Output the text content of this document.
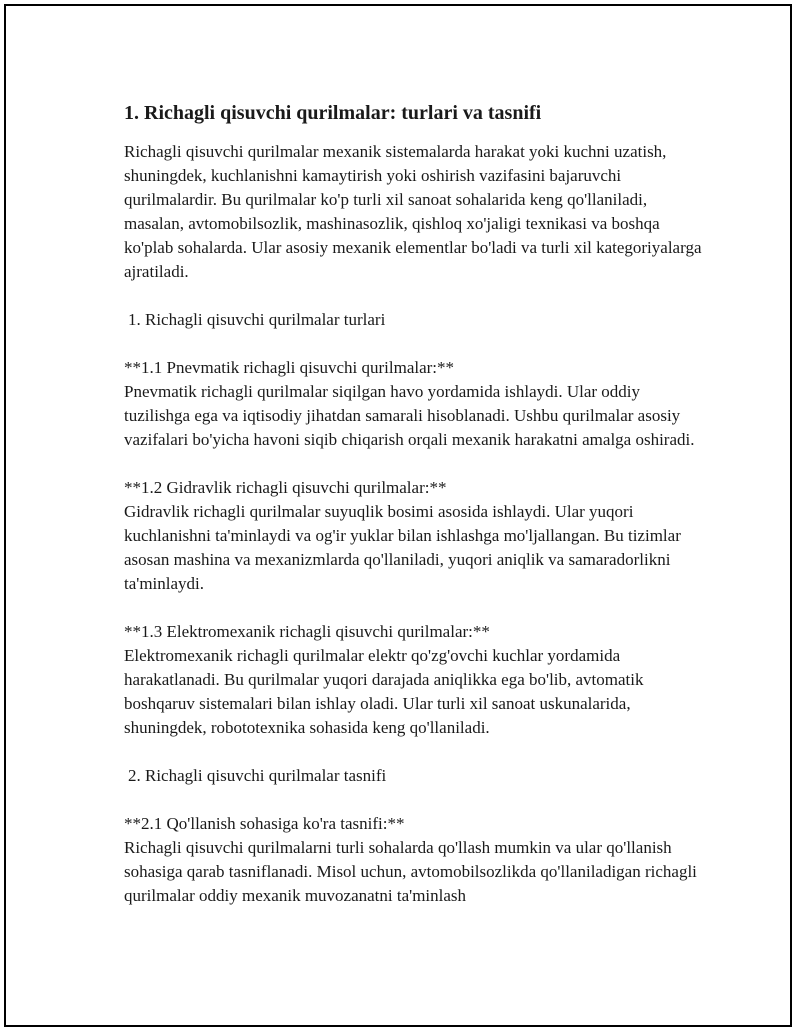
1. Richagli qisuvchi qurilmalar: turlari va tasnifi

Richagli qisuvchi qurilmalar mexanik sistemalarda harakat yoki kuchni uzatish, shuningdek, kuchlanishni kamaytirish yoki oshirish vazifasini bajaruvchi qurilmalardir. Bu qurilmalar ko'p turli xil sanoat sohalarida keng qo'llaniladi, masalan, avtomobilsozlik, mashinasozlik, qishloq xo'jaligi texnikasi va boshqa ko'plab sohalarda. Ular asosiy mexanik elementlar bo'ladi va turli xil kategoriyalarga ajratiladi.

1. Richagli qisuvchi qurilmalar turlari

**1.1 Pnevmatik richagli qisuvchi qurilmalar:**

Pnevmatik richagli qurilmalar siqilgan havo yordamida ishlaydi. Ular oddiy tuzilishga ega va iqtisodiy jihatdan samarali hisoblanadi. Ushbu qurilmalar asosiy vazifalari bo'yicha havoni siqib chiqarish orqali mexanik harakatni amalga oshiradi.

**1.2 Gidravlik richagli qisuvchi qurilmalar:**

Gidravlik richagli qurilmalar suyuqlik bosimi asosida ishlaydi. Ular yuqori kuchlanishni ta'minlaydi va og'ir yuklar bilan ishlashga mo'ljallangan. Bu tizimlar asosan mashina va mexanizmlarda qo'llaniladi, yuqori aniqlik va samaradorlikni ta'minlaydi.

**1.3 Elektromexanik richagli qisuvchi qurilmalar:**

Elektromexanik richagli qurilmalar elektr qo'zg'ovchi kuchlar yordamida harakatlanadi. Bu qurilmalar yuqori darajada aniqlikka ega bo'lib, avtomatik boshqaruv sistemalari bilan ishlay oladi. Ular turli xil sanoat uskunalarida, shuningdek, robototexnika sohasida keng qo'llaniladi.

2. Richagli qisuvchi qurilmalar tasnifi

**2.1 Qo'llanish sohasiga ko'ra tasnifi:**

Richagli qisuvchi qurilmalarni turli sohalarda qo'llash mumkin va ular qo'llanish sohasiga qarab tasniflanadi. Misol uchun, avtomobilsozlikda qo'llaniladigan richagli qurilmalar oddiy mexanik muvozanatni ta'minlash
